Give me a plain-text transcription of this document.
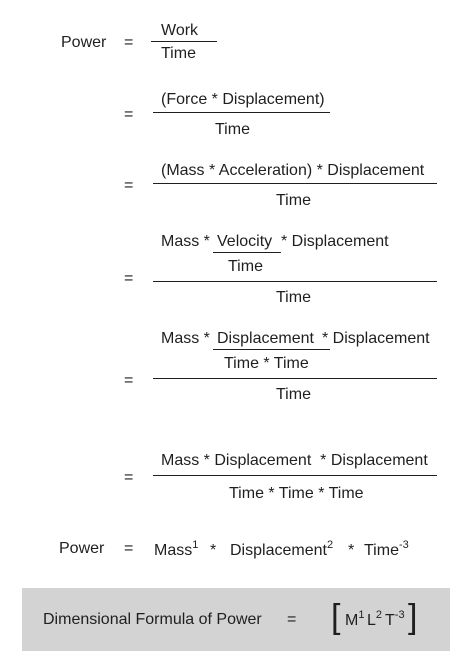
Power =
Work
Time
=
(Force * Displacement)
Time
=
(Mass * Acceleration) * Displacement
Time
=
Mass * Velocity
Time
* Displacement
Time
=
Mass * Displacement
Time * Time
* Displacement
Time
=
Mass * Displacement  * Displacement
Time * Time * Time
Power = Mass$^1$ * Displacement$^2$ * Time$^{-3}$
Dimensional Formula of Power = [ $M^1$ $L^2$ $T^{-3}$ ]
